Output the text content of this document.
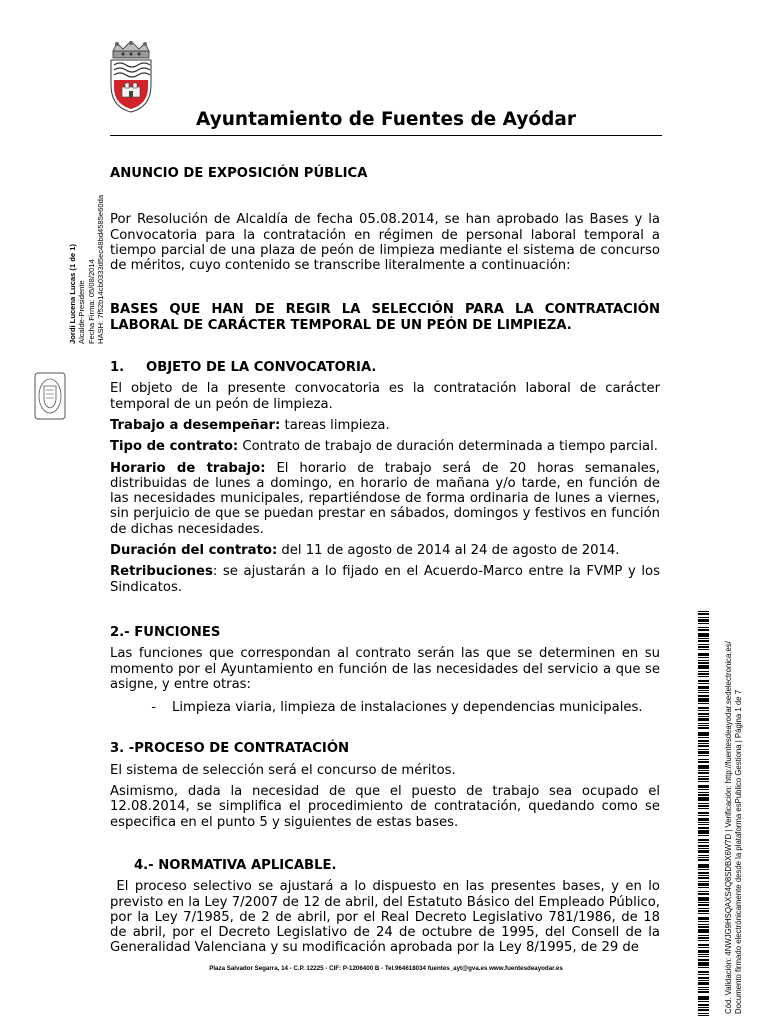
Ayuntamiento de Fuentes de Ayódar
Jordi Lucena Lucas (1 de 1) Alcalde-Presidente Fecha Firma: 05/08/2014 HASH: 7f52b14cb0333d5ec48bd4585e60da

ANUNCIO DE EXPOSICIÓN PÚBLICA

Por Resolución de Alcaldía de fecha 05.08.2014, se han aprobado las Bases y la Convocatoria para la contratación en régimen de personal laboral temporal a tiempo parcial de una plaza de peón de limpieza mediante el sistema de concurso de méritos, cuyo contenido se transcribe literalmente a continuación:

BASES QUE HAN DE REGIR LA SELECCIÓN PARA LA CONTRATACIÓN LABORAL DE CARÁCTER TEMPORAL DE UN PEÓN DE LIMPIEZA.

1.	OBJETO DE LA CONVOCATORIA.

El objeto de la presente convocatoria es la contratación laboral de carácter temporal de un peón de limpieza.

Trabajo a desempeñar: tareas limpieza.

Tipo de contrato: Contrato de trabajo de duración determinada a tiempo parcial.

Horario de trabajo: El horario de trabajo será de 20 horas semanales, distribuidas de lunes a domingo, en horario de mañana y/o tarde, en función de las necesidades municipales, repartiéndose de forma ordinaria de lunes a viernes, sin perjuicio de que se puedan prestar en sábados, domingos y festivos en función de dichas necesidades.

Duración del contrato: del 11 de agosto de 2014 al 24 de agosto de 2014.

Retribuciones: se ajustarán a lo fijado en el Acuerdo-Marco entre la FVMP y los Sindicatos.

2.- FUNCIONES

Las funciones que correspondan al contrato serán las que se determinen en su momento por el Ayuntamiento en función de las necesidades del servicio a que se asigne, y entre otras:

-	Limpieza viaria, limpieza de instalaciones y dependencias municipales.

3. -PROCESO DE CONTRATACIÓN

El sistema de selección será el concurso de méritos.

Asimismo, dada la necesidad de que el puesto de trabajo sea ocupado el 12.08.2014, se simplifica el procedimiento de contratación, quedando como se especifica en el punto 5 y siguientes de estas bases.

4.- NORMATIVA APLICABLE.

El proceso selectivo se ajustará a lo dispuesto en las presentes bases, y en lo previsto en la Ley 7/2007 de 12 de abril, del Estatuto Básico del Empleado Público, por la Ley 7/1985, de 2 de abril, por el Real Decreto Legislativo 781/1986, de 18 de abril, por el Decreto Legislativo de 24 de octubre de 1995, del Consell de la Generalidad Valenciana y su modificación aprobada por la Ley 8/1995, de 29 de

Plaza Salvador Segarra, 14 - C.P. 12225 - CIF: P-1206400 B - Tel.964618034 fuentes_ayt@gva.es www.fuentesdeayodar.es	Cód. Validación: 4NWJG9HSQAXS4Q8SDBX6W7D | Verificación: http://fuentesdeayodar.sedelectronica.es/ Documento firmado electrónicamente desde la plataforma esPublico Gestiona | Página 1 de 7
